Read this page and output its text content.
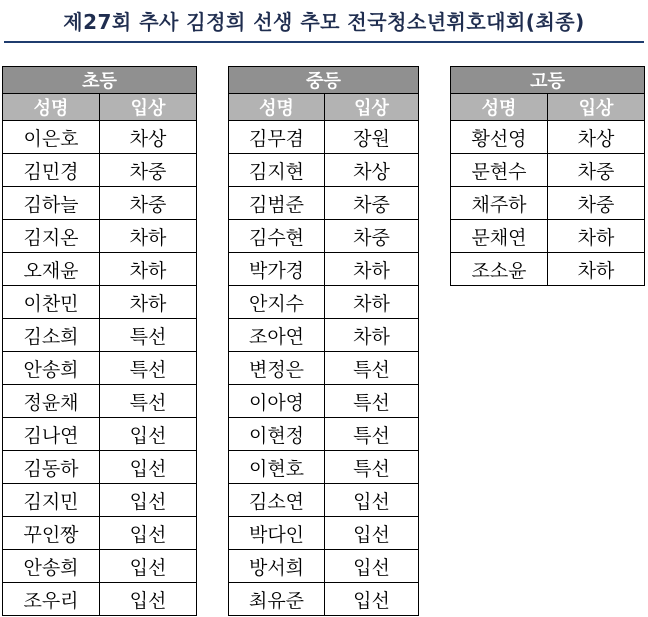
제27회 추사 김정희 선생 추모 전국청소년휘호대회(최종)
초등	
성명	입상
이은호	차상
김민경	차중
김하늘	차중
김지온	차하
오재윤	차하
이찬민	차하
김소희	특선
안송희	특선
정윤채	특선
김나연	입선
김동하	입선
김지민	입선
꾸인짱	입선
안송희	입선
조우리	입선
중등	
성명	입상
김무겸	장원
김지현	차상
김범준	차중
김수현	차중
박가경	차하
안지수	차하
조아연	차하
변정은	특선
이아영	특선
이현정	특선
이현호	특선
김소연	입선
박다인	입선
방서희	입선
최유준	입선
고등	
성명	입상
황선영	차상
문현수	차중
채주하	차중
문채연	차하
조소윤	차하
